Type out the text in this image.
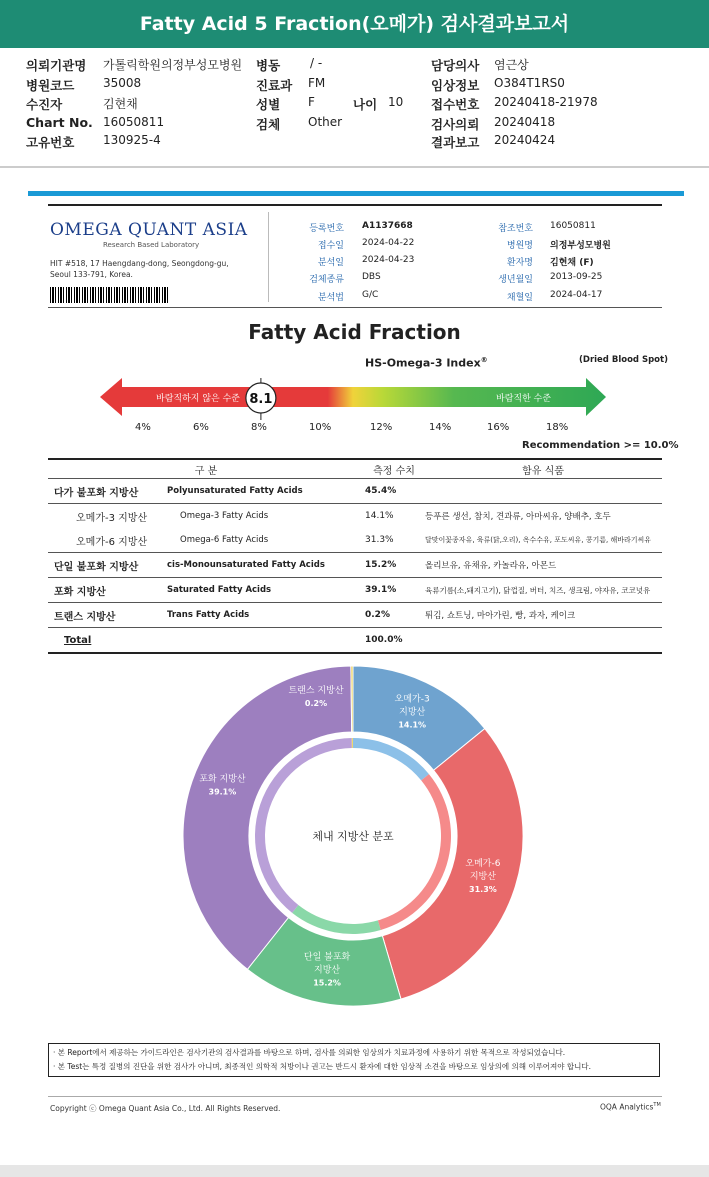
Fatty Acid 5 Fraction(오메가) 검사결과보고서
의뢰기관명 가톨릭학원의정부성모병원
병원코드 35008
수진자	김현채
Chart No. 16050811
고유번호 130925-4
병동 / -
진료과 FM
성별 F
검체 Other
나이 10
담당의사 염근상
임상정보 O384T1RS0
접수번호 20240418-21978
검사의뢰 20240418
결과보고 20240424
OMEGA QUANT ASIA
Research Based Laboratory
HIT #518, 17 Haengdang-dong, Seongdong-gu, Seoul 133-791, Korea.
등록번호 A1137668
접수일 2024-04-22
분석일 2024-04-23
검체종류 DBS
분석법 G/C
참조번호 16050811
병원명 의정부성모병원
환자명 김현채 (F)
생년월일 2013-09-25
채혈일 2024-04-17
Fatty Acid Fraction
HS-Omega-3 Index®	(Dried Blood Spot)
바람직하지 않은 수준	바람직한 수준
8.1
4%	6%	8%	10%	12%	14%	16%	18%
Recommendation >= 10.0%
구 분		측정 수치	함유 식품
다가 불포화 지방산	Polyunsaturated Fatty Acids	45.4%	
오메가-3 지방산	Omega-3 Fatty Acids	14.1%	등푸른 생선, 참치, 견과류, 아마씨유, 양배추, 호두
오메가-6 지방산	Omega-6 Fatty Acids	31.3%	달맞이꽃종자유, 육류(닭,오리), 옥수수유, 포도씨유, 콩기름, 해바라기씨유
단일 불포화 지방산	cis-Monounsaturated Fatty Acids	15.2%	올리브유, 유채유, 카놀라유, 아몬드
포화 지방산	Saturated Fatty Acids	39.1%	육류기름(소,돼지고기), 닭껍질, 버터, 치즈, 생크림, 야자유, 코코넛유
트랜스 지방산	Trans Fatty Acids	0.2%	튀김, 쇼트닝, 마아가린, 빵, 과자, 케이크
Total		100.0%	
체내 지방산 분포
오메가-3
지방산
14.1%
오메가-6
지방산
31.3%
단일 불포화
지방산
15.2%
포화 지방산
39.1%
트랜스 지방산
0.2%
· 본 Report에서 제공하는 가이드라인은 검사기관의 검사결과를 바탕으로 하며, 검사를 의뢰한 임상의가 치료과정에 사용하기 위한 목적으로 작성되었습니다.
· 본 Test는 특정 질병의 진단을 위한 검사가 아니며, 최종적인 의학적 처방이나 권고는 반드시 환자에 대한 임상적 소견을 바탕으로 임상의에 의해 이루어져야 합니다.
Copyright ⓒ Omega Quant Asia Co., Ltd. All Rights Reserved.	OQA Analytics™
